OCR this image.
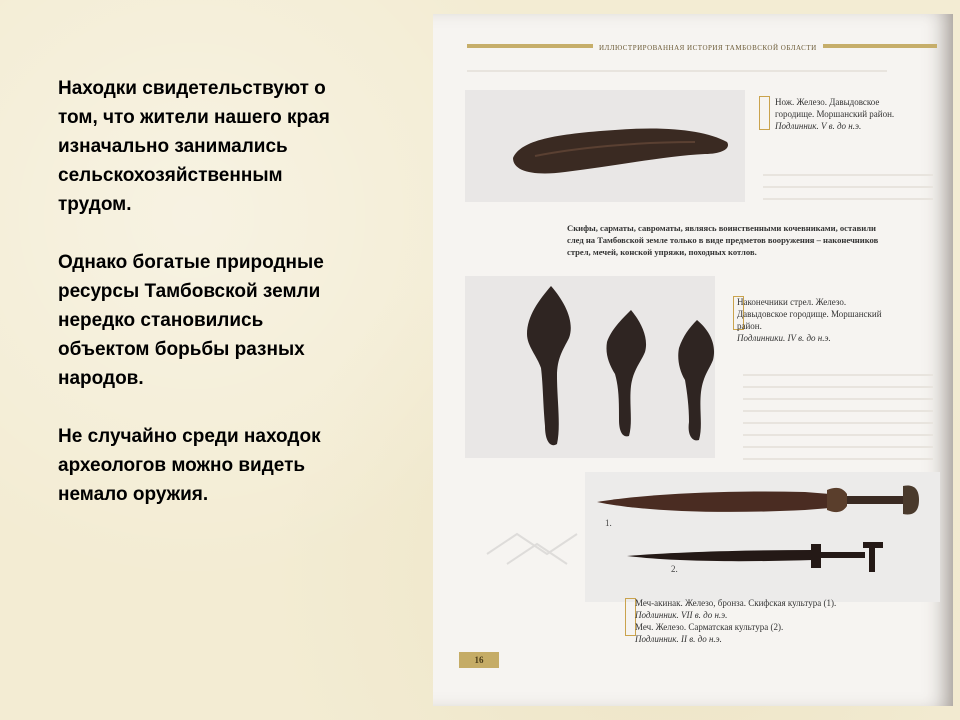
Находки свидетельствуют о том, что жители нашего края изначально занимались сельскохозяйственным трудом.

Однако богатые природные ресурсы Тамбовской земли нередко становились объектом борьбы разных народов.

Не случайно среди находок археологов можно видеть немало оружия.

ИЛЛЮСТРИРОВАННАЯ ИСТОРИЯ ТАМБОВСКОЙ ОБЛАСТИ
Нож. Железо. Давыдовское
городище. Моршанский район.
Подлинник. V в. до н.э.
Скифы, сарматы, савроматы, являясь воинственными кочевниками, оставили
след на Тамбовской земле только в виде предметов вооружения – наконечников
стрел, мечей, конской упряжи, походных котлов.
Наконечники стрел. Железо.
Давыдовское городище. Моршанский
район.
Подлинники. IV в. до н.э.
1.
2.
Меч-акинак. Железо, бронза. Скифская культура (1).
Подлинник. VII в. до н.э.
Меч. Железо. Сарматская культура (2).
Подлинник. II в. до н.э.
16
